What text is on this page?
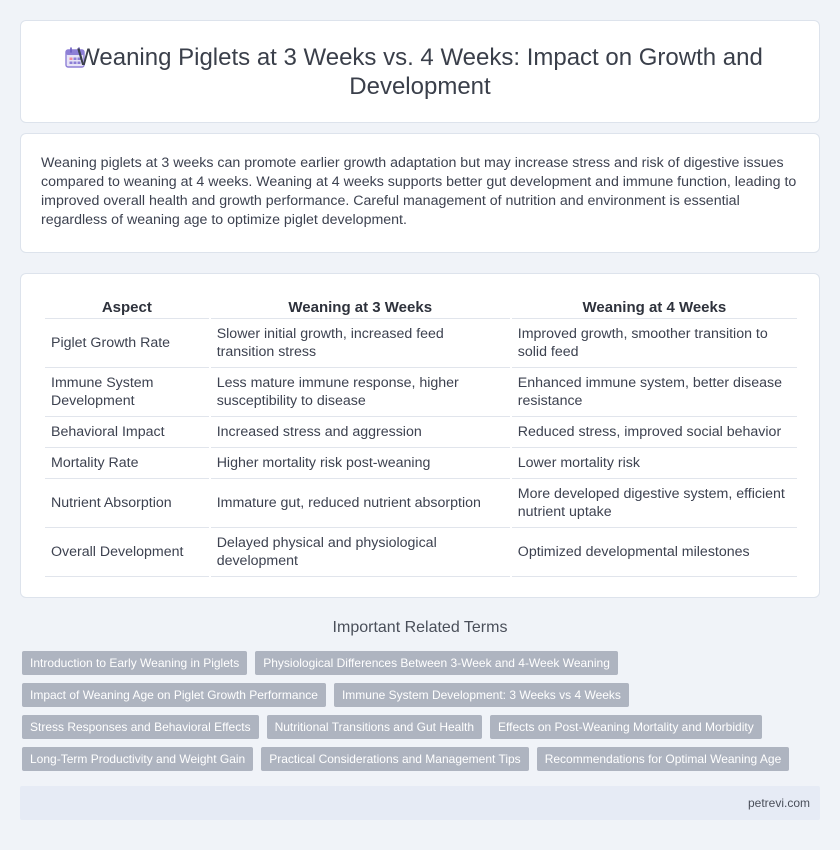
Weaning Piglets at 3 Weeks vs. 4 Weeks: Impact on Growth and Development

Weaning piglets at 3 weeks can promote earlier growth adaptation but may increase stress and risk of digestive issues compared to weaning at 4 weeks. Weaning at 4 weeks supports better gut development and immune function, leading to improved overall health and growth performance. Careful management of nutrition and environment is essential regardless of weaning age to optimize piglet development.

Aspect	Weaning at 3 Weeks	Weaning at 4 Weeks
Piglet Growth Rate	Slower initial growth, increased feed transition stress	Improved growth, smoother transition to solid feed
Immune System Development	Less mature immune response, higher susceptibility to disease	Enhanced immune system, better disease resistance
Behavioral Impact	Increased stress and aggression	Reduced stress, improved social behavior
Mortality Rate	Higher mortality risk post-weaning	Lower mortality risk
Nutrient Absorption	Immature gut, reduced nutrient absorption	More developed digestive system, efficient nutrient uptake
Overall Development	Delayed physical and physiological development	Optimized developmental milestones
Important Related Terms
Introduction to Early Weaning in Piglets	Physiological Differences Between 3-Week and 4-Week Weaning
Impact of Weaning Age on Piglet Growth Performance	Immune System Development: 3 Weeks vs 4 Weeks
Stress Responses and Behavioral Effects	Nutritional Transitions and Gut Health	Effects on Post-Weaning Mortality and Morbidity
Long-Term Productivity and Weight Gain	Practical Considerations and Management Tips	Recommendations for Optimal Weaning Age
petrevi.com
